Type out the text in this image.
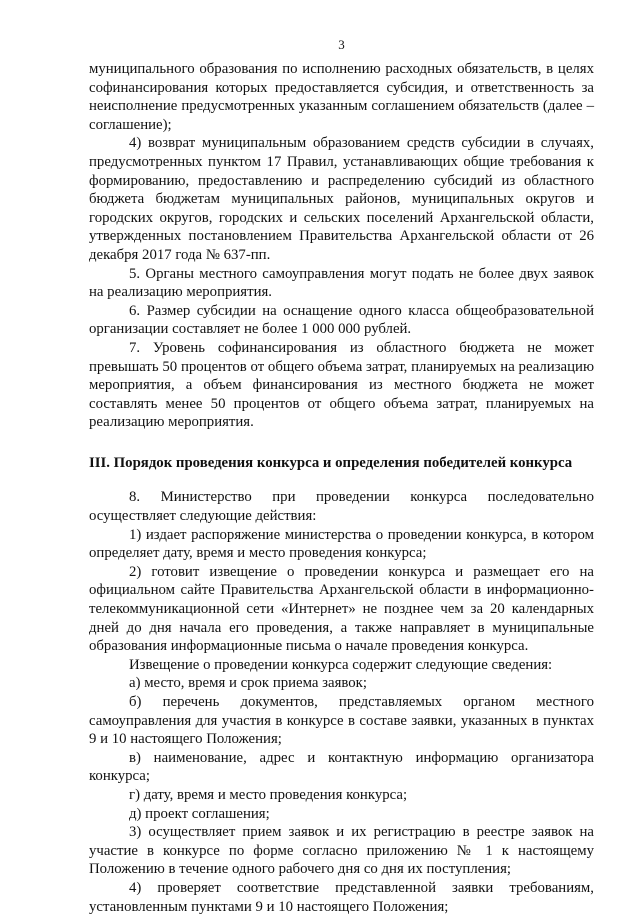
3

муниципального образования по исполнению расходных обязательств, в целях софинансирования которых предоставляется субсидия, и ответственность за неисполнение предусмотренных указанным соглашением обязательств (далее – соглашение);

4) возврат муниципальным образованием средств субсидии в случаях, предусмотренных пунктом 17 Правил, устанавливающих общие требования к формированию, предоставлению и распределению субсидий из областного бюджета бюджетам муниципальных районов, муниципальных округов и городских округов, городских и сельских поселений Архангельской области, утвержденных постановлением Правительства Архангельской области от 26 декабря 2017 года № 637-пп.

5. Органы местного самоуправления могут подать не более двух заявок на реализацию мероприятия.

6. Размер субсидии на оснащение одного класса общеобразовательной организации составляет не более 1 000 000 рублей.

7. Уровень софинансирования из областного бюджета не может превышать 50 процентов от общего объема затрат, планируемых на реализацию мероприятия, а объем финансирования из местного бюджета не может составлять менее 50 процентов от общего объема затрат, планируемых на реализацию мероприятия.

III. Порядок проведения конкурса и определения победителей конкурса

8. Министерство при проведении конкурса последовательно осуществляет следующие действия:

1) издает распоряжение министерства о проведении конкурса, в котором определяет дату, время и место проведения конкурса;

2) готовит извещение о проведении конкурса и размещает его на официальном сайте Правительства Архангельской области в информационно-телекоммуникационной сети «Интернет» не позднее чем за 20 календарных дней до дня начала его проведения, а также направляет в муниципальные образования информационные письма о начале проведения конкурса.

Извещение о проведении конкурса содержит следующие сведения:

а) место, время и срок приема заявок;

б) перечень документов, представляемых органом местного самоуправления для участия в конкурсе в составе заявки, указанных в пунктах 9 и 10 настоящего Положения;

в) наименование, адрес и контактную информацию организатора конкурса;

г) дату, время и место проведения конкурса;

д) проект соглашения;

3) осуществляет прием заявок и их регистрацию в реестре заявок на участие в конкурсе по форме согласно приложению № 1 к настоящему Положению в течение одного рабочего дня со дня их поступления;

4) проверяет соответствие представленной заявки требованиям, установленным пунктами 9 и 10 настоящего Положения;
